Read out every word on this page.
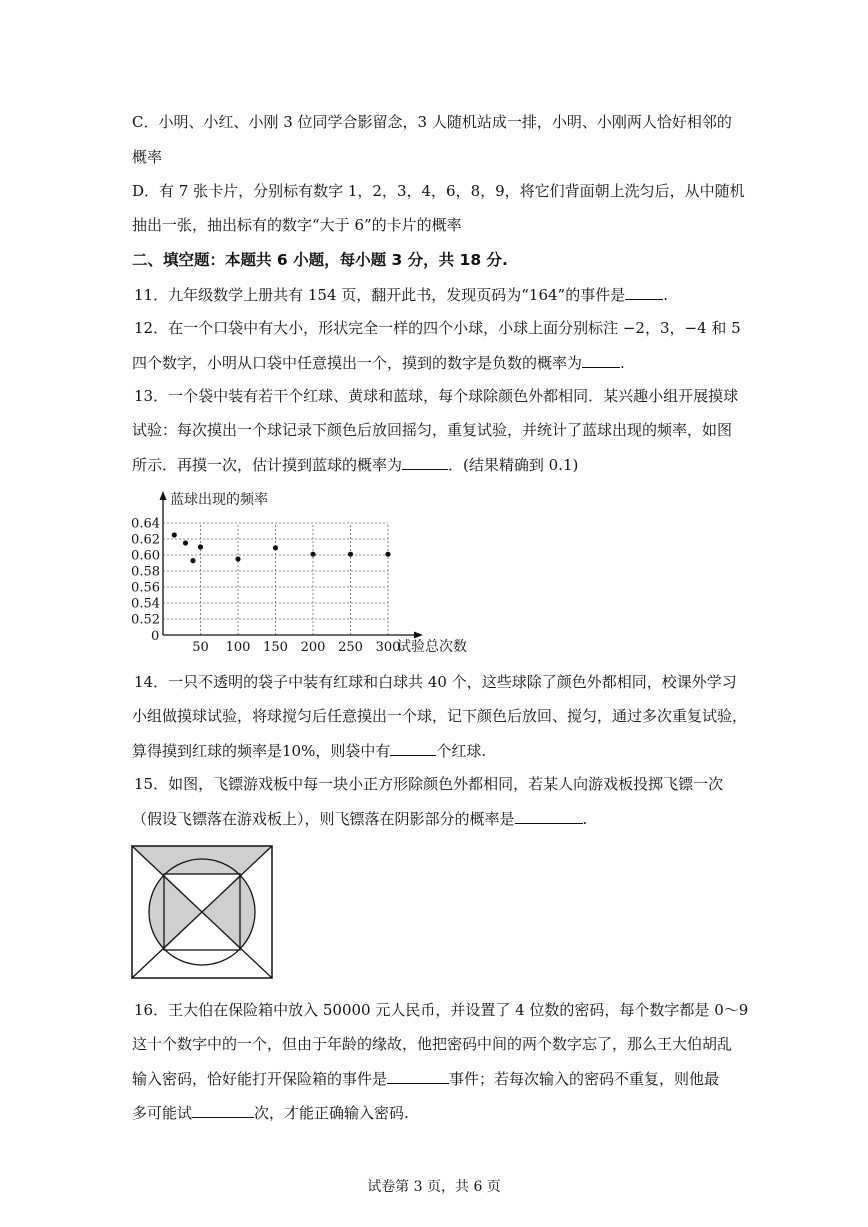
C．小明、小红、小刚 3 位同学合影留念，3 人随机站成一排，小明、小刚两人恰好相邻的
概率
D．有 7 张卡片，分别标有数字 1，2，3，4，6，8，9，将它们背面朝上洗匀后，从中随机
抽出一张，抽出标有的数字“大于 6”的卡片的概率
二、填空题：本题共 6 小题，每小题 3 分，共 18 分.
11．九年级数学上册共有 154 页，翻开此书，发现页码为“164”的事件是	.
12．在一个口袋中有大小，形状完全一样的四个小球，小球上面分别标注 −2，3，−4 和 5
四个数字，小明从口袋中任意摸出一个，摸到的数字是负数的概率为	.
13．一个袋中装有若干个红球、黄球和蓝球，每个球除颜色外都相同．某兴趣小组开展摸球
试验：每次摸出一个球记录下颜色后放回摇匀，重复试验，并统计了蓝球出现的频率，如图
所示．再摸一次，估计摸到蓝球的概率为	．(结果精确到 0.1)
0.52
0.54
0.56
0.58
0.60
0.62
0.64
50 100 150 200 250 300
蓝球出现的频率
试验总次数
0
14．一只不透明的袋子中装有红球和白球共 40 个，这些球除了颜色外都相同，校课外学习
小组做摸球试验，将球搅匀后任意摸出一个球，记下颜色后放回、搅匀，通过多次重复试验，
算得摸到红球的频率是10%，则袋中有	个红球.
15．如图，飞镖游戏板中每一块小正方形除颜色外都相同，若某人向游戏板投掷飞镖一次
（假设飞镖落在游戏板上），则飞镖落在阴影部分的概率是	.
16．王大伯在保险箱中放入 50000 元人民币，并设置了 4 位数的密码，每个数字都是 0～9
这十个数字中的一个，但由于年龄的缘故，他把密码中间的两个数字忘了，那么王大伯胡乱
输入密码，恰好能打开保险箱的事件是	事件；若每次输入的密码不重复，则他最
多可能试	次，才能正确输入密码.
试卷第 3 页，共 6 页
